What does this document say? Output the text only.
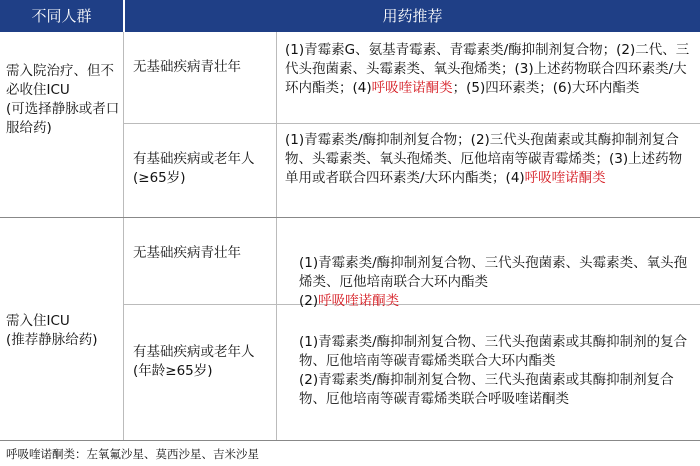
不同人群	用药推荐
需入院治疗、但不必收住ICU
(可选择静脉或者口服给药)
无基础疾病青壮年
(1)青霉素G、氨基青霉素、青霉素类/酶抑制剂复合物；(2)二代、三代头孢菌素、头霉素类、氧头孢烯类；(3)上述药物联合四环素类/大环内酯类；(4)呼吸喹诺酮类；(5)四环素类；(6)大环内酯类
有基础疾病或老年人(≥65岁)
(1)青霉素类/酶抑制剂复合物；(2)三代头孢菌素或其酶抑制剂复合物、头霉素类、氧头孢烯类、厄他培南等碳青霉烯类；(3)上述药物单用或者联合四环素类/大环内酯类；(4)呼吸喹诺酮类
需入住ICU
(推荐静脉给药)
无基础疾病青壮年

(1)青霉素类/酶抑制剂复合物、三代头孢菌素、头霉素类、氧头孢烯类、厄他培南联合大环内酯类
(2)呼吸喹诺酮类

有基础疾病或老年人
(年龄≥65岁)

(1)青霉素类/酶抑制剂复合物、三代头孢菌素或其酶抑制剂的复合物、厄他培南等碳青霉烯类联合大环内酯类
(2)青霉素类/酶抑制剂复合物、三代头孢菌素或其酶抑制剂复合物、厄他培南等碳青霉烯类联合呼吸喹诺酮类

呼吸喹诺酮类：左氧氟沙星、莫西沙星、吉米沙星
